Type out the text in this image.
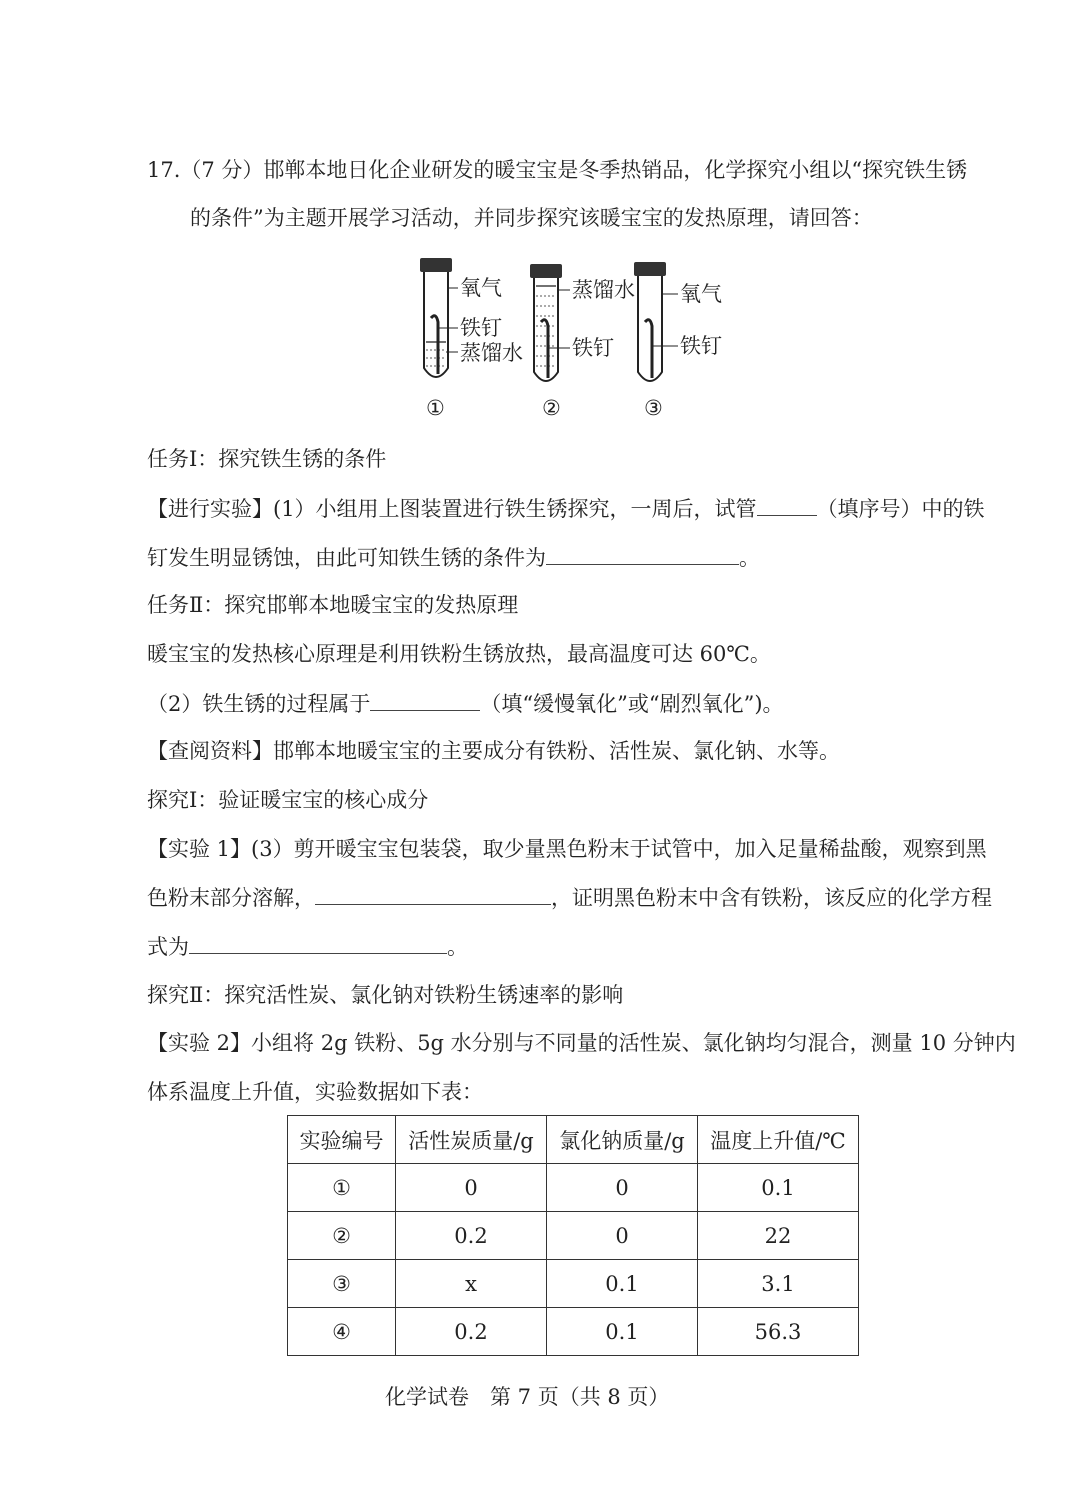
17.（7 分）邯郸本地日化企业研发的暖宝宝是冬季热销品，化学探究小组以“探究铁生锈
的条件”为主题开展学习活动，并同步探究该暖宝宝的发热原理，请回答：
氧气
铁钉
蒸馏水
①
蒸馏水
铁钉
②
氧气
铁钉
③
任务Ⅰ：探究铁生锈的条件
【进行实验】(1）小组用上图装置进行铁生锈探究，一周后，试管	（填序号）中的铁
钉发生明显锈蚀，由此可知铁生锈的条件为	。
任务Ⅱ：探究邯郸本地暖宝宝的发热原理
暖宝宝的发热核心原理是利用铁粉生锈放热，最高温度可达 60℃。
（2）铁生锈的过程属于	（填“缓慢氧化”或“剧烈氧化”)。
【查阅资料】邯郸本地暖宝宝的主要成分有铁粉、活性炭、氯化钠、水等。
探究Ⅰ：验证暖宝宝的核心成分
【实验 1】(3）剪开暖宝宝包装袋，取少量黑色粉末于试管中，加入足量稀盐酸，观察到黑
色粉末部分溶解，	，证明黑色粉末中含有铁粉，该反应的化学方程
式为	。
探究Ⅱ：探究活性炭、氯化钠对铁粉生锈速率的影响
【实验 2】小组将 2g 铁粉、5g 水分别与不同量的活性炭、氯化钠均匀混合，测量 10 分钟内
体系温度上升值，实验数据如下表：
实验编号	活性炭质量/g	氯化钠质量/g	温度上升值/℃
①	0	0	0.1
②	0.2	0	22
③	x	0.1	3.1
④	0.2	0.1	56.3
化学试卷　第 7 页（共 8 页）
